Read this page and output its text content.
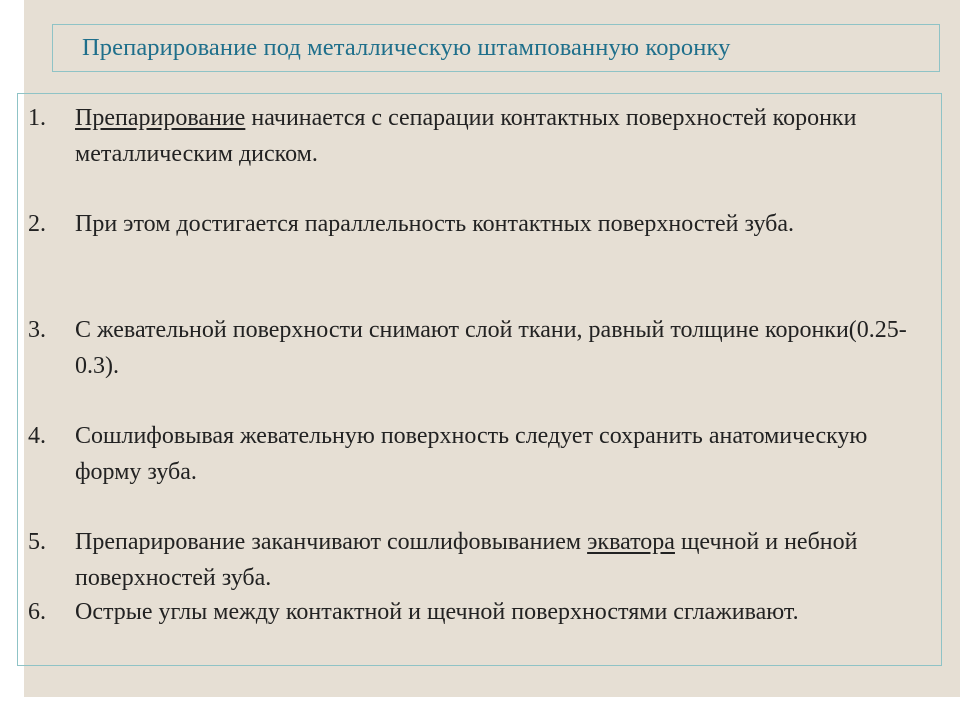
Препарирование под металлическую штампованную коронку
1. Препарирование начинается с сепарации контактных поверхностей коронки металлическим диском.
2. При этом достигается параллельность контактных поверхностей зуба.
3. С жевательной поверхности снимают слой ткани, равный толщине коронки(0.25-0.3).
4. Сошлифовывая жевательную поверхность следует сохранить анатомическую форму зуба.
5. Препарирование заканчивают сошлифовыванием экватора щечной и небной поверхностей зуба.
6. Острые углы между контактной и щечной поверхностями сглаживают.
